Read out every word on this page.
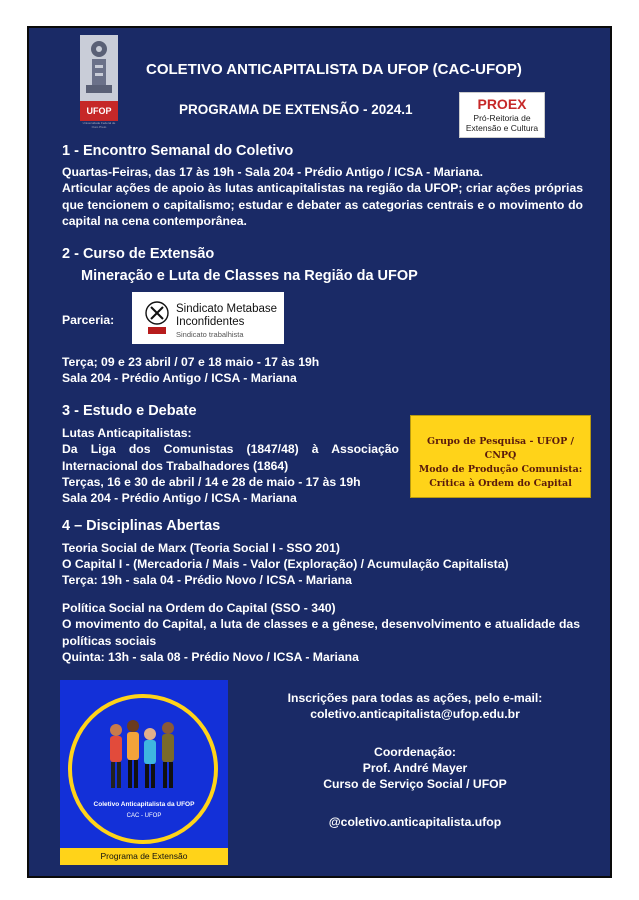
UFOP
Universidade Federal de Ouro Preto
COLETIVO ANTICAPITALISTA DA UFOP (CAC-UFOP)
PROGRAMA DE EXTENSÃO - 2024.1	PROEX
Pró-Reitoria de
Extensão e Cultura
1 - Encontro Semanal do Coletivo
Quartas-Feiras, das 17 às 19h - Sala 204 - Prédio Antigo / ICSA - Mariana.
Articular ações de apoio às lutas anticapitalistas na região da UFOP; criar ações próprias que tencionem o capitalismo; estudar e debater as categorias centrais e o movimento do capital na cena contemporânea.
2 - Curso de Extensão
Mineração e Luta de Classes na Região da UFOP
Parceria:
Sindicato Metabase
Inconfidentes
Sindicato trabalhista
Terça; 09 e 23 abril / 07 e 18 maio - 17 às 19h
Sala 204 - Prédio Antigo / ICSA - Mariana
3 - Estudo e Debate
Lutas Anticapitalistas:
Da Liga dos Comunistas (1847/48) à Associação Internacional dos Trabalhadores (1864)
Terças, 16 e 30 de abril / 14 e 28 de maio - 17 às 19h
Sala 204 - Prédio Antigo / ICSA - Mariana
Grupo de Pesquisa - UFOP / CNPQ
Modo de Produção Comunista:
Crítica à Ordem do Capital
4 – Disciplinas Abertas
Teoria Social de Marx (Teoria Social I - SSO 201)
O Capital I - (Mercadoria / Mais - Valor (Exploração) / Acumulação Capitalista)
Terça: 19h - sala 04 - Prédio Novo / ICSA - Mariana
Política Social na Ordem do Capital (SSO - 340)
O movimento do Capital, a luta de classes e a gênese, desenvolvimento e atualidade das políticas sociais
Quinta: 13h - sala 08 - Prédio Novo / ICSA - Mariana
Coletivo Anticapitalista da UFOP
CAC - UFOP
Programa de Extensão
Inscrições para todas as ações, pelo e-mail:
coletivo.anticapitalista@ufop.edu.br
Coordenação:
Prof. André Mayer
Curso de Serviço Social / UFOP
@coletivo.anticapitalista.ufop
